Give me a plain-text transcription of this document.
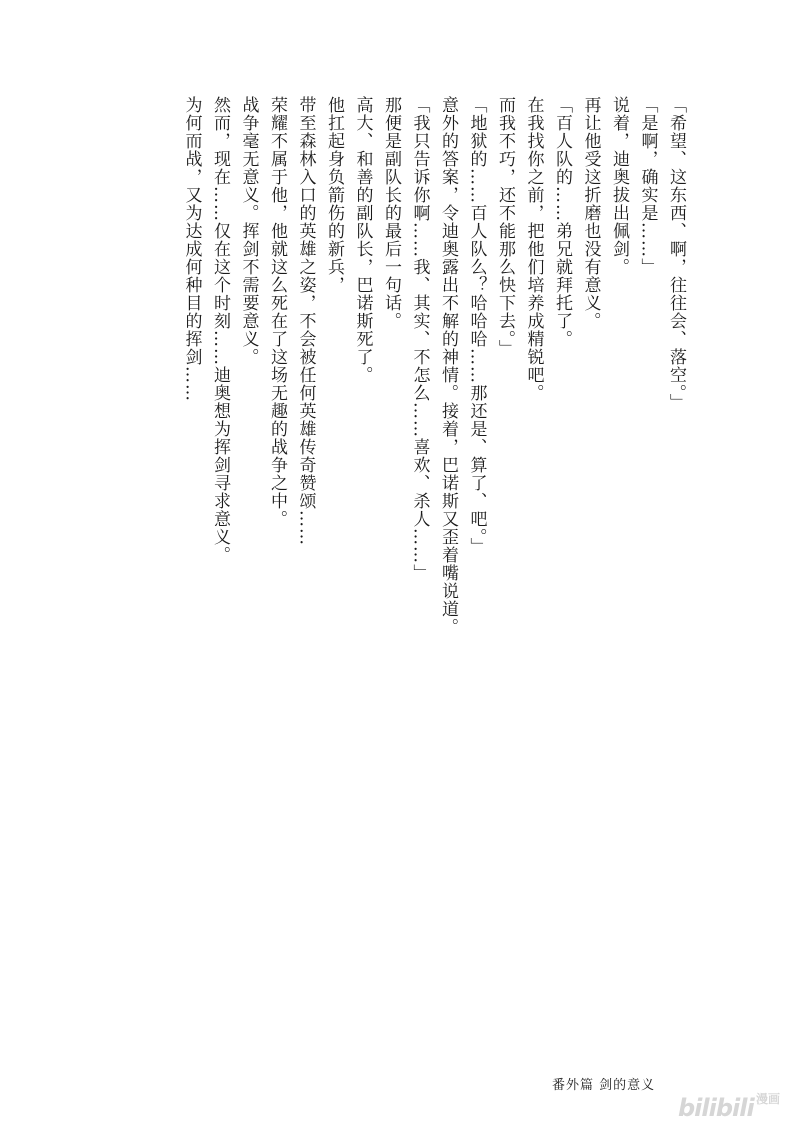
「希望、这东西、啊，往往会、落空。」
「是啊，确实是……」
说着，迪奥拔出佩剑。
再让他受这折磨也没有意义。
「百人队的……弟兄就拜托了。
在我找你之前，把他们培养成精锐吧。
而我不巧，还不能那么快下去。」
「地狱的……百人队么？哈哈哈……那还是、算了、吧。」
意外的答案，令迪奥露出不解的神情。接着，巴诺斯又歪着嘴说道。
「我只告诉你啊……我、其实、不怎么……喜欢、杀人……」
那便是副队长的最后一句话。
高大、和善的副队长，巴诺斯死了。
他扛起身负箭伤的新兵，
带至森林入口的英雄之姿，不会被任何英雄传奇赞颂……
荣耀不属于他，他就这么死在了这场无趣的战争之中。
战争毫无意义。挥剑不需要意义。
然而，现在……仅在这个时刻……迪奥想为挥剑寻求意义。
为何而战，又为达成何种目的挥剑……
番外篇 剑的意义
bilibili 漫画
